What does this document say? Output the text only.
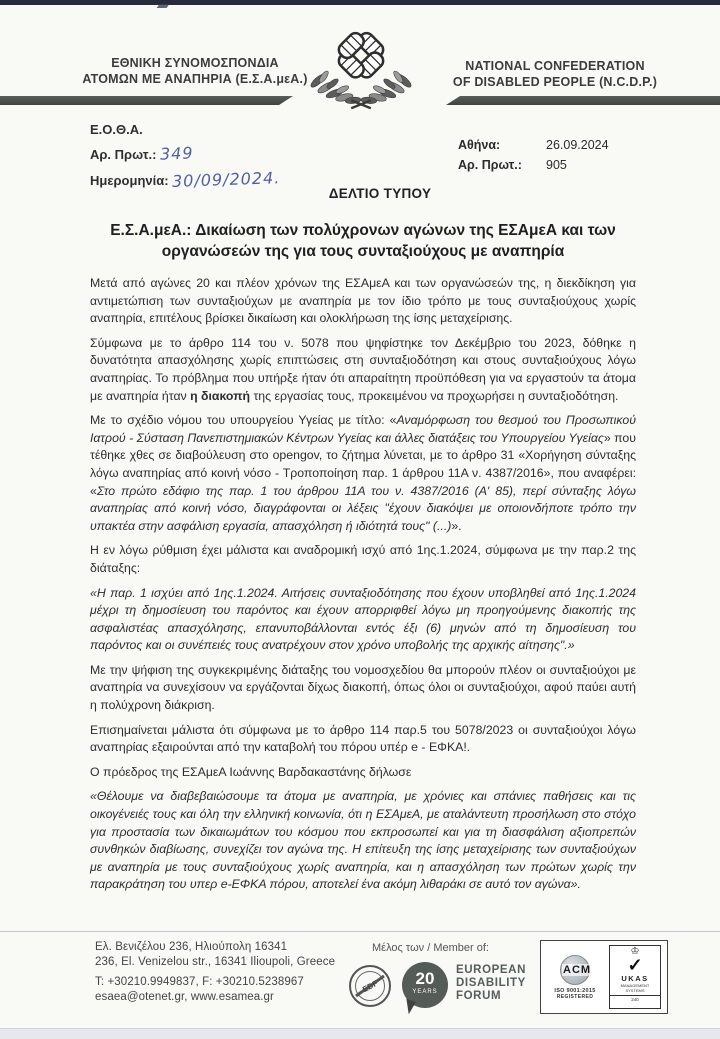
ΕΘΝΙΚΗ ΣΥΝΟΜΟΣΠΟΝΔΙΑ
ΑΤΟΜΩΝ ΜΕ ΑΝΑΠΗΡΙΑ (Ε.Σ.Α.μεΑ.)
NATIONAL CONFEDERATION
OF DISABLED PEOPLE (N.C.D.P.)
Ε.Ο.Θ.Α.
Αρ. Πρωτ.: 349
Ημερομηνία: 30/09/2024.
Αθήνα:	26.09.2024
Αρ. Πρωτ.:	905
ΔΕΛΤΙΟ ΤΥΠΟΥ
Ε.Σ.Α.μεΑ.: Δικαίωση των πολύχρονων αγώνων της ΕΣΑμεΑ και των οργανώσεών της για τους συνταξιούχους με αναπηρία

Μετά από αγώνες 20 και πλέον χρόνων της ΕΣΑμεΑ και των οργανώσεών της, η διεκδίκηση για αντιμετώπιση των συνταξιούχων με αναπηρία με τον ίδιο τρόπο με τους συνταξιούχους χωρίς αναπηρία, επιτέλους βρίσκει δικαίωση και ολοκλήρωση της ίσης μεταχείρισης.

Σύμφωνα με το άρθρο 114 του ν. 5078 που ψηφίστηκε τον Δεκέμβριο του 2023, δόθηκε η δυνατότητα απασχόλησης χωρίς επιπτώσεις στη συνταξιοδότηση και στους συνταξιούχους λόγω αναπηρίας. Το πρόβλημα που υπήρξε ήταν ότι απαραίτητη προϋπόθεση για να εργαστούν τα άτομα με αναπηρία ήταν η διακοπή της εργασίας τους, προκειμένου να προχωρήσει η συνταξιοδότηση.

Με το σχέδιο νόμου του υπουργείου Υγείας με τίτλο: «Αναμόρφωση του θεσμού του Προσωπικού Ιατρού - Σύσταση Πανεπιστημιακών Κέντρων Υγείας και άλλες διατάξεις του Υπουργείου Υγείας» που τέθηκε χθες σε διαβούλευση στο opengov, το ζήτημα λύνεται, με το άρθρο 31 «Χορήγηση σύνταξης λόγω αναπηρίας από κοινή νόσο - Τροποποίηση παρ. 1 άρθρου 11Α ν. 4387/2016», που αναφέρει: «Στο πρώτο εδάφιο της παρ. 1 του άρθρου 11Α του ν. 4387/2016 (Α' 85), περί σύνταξης λόγω αναπηρίας από κοινή νόσο, διαγράφονται οι λέξεις "έχουν διακόψει με οποιονδήποτε τρόπο την υπακτέα στην ασφάλιση εργασία, απασχόληση ή ιδιότητά τους" (...)».

Η εν λόγω ρύθμιση έχει μάλιστα και αναδρομική ισχύ από 1ης.1.2024, σύμφωνα με την παρ.2 της διάταξης:

«Η παρ. 1 ισχύει από 1ης.1.2024. Αιτήσεις συνταξιοδότησης που έχουν υποβληθεί από 1ης.1.2024 μέχρι τη δημοσίευση του παρόντος και έχουν απορριφθεί λόγω μη προηγούμενης διακοπής της ασφαλιστέας απασχόλησης, επανυποβάλλονται εντός έξι (6) μηνών από τη δημοσίευση του παρόντος και οι συνέπειές τους ανατρέχουν στον χρόνο υποβολής της αρχικής αίτησης".»

Με την ψήφιση της συγκεκριμένης διάταξης του νομοσχεδίου θα μπορούν πλέον οι συνταξιούχοι με αναπηρία να συνεχίσουν να εργάζονται δίχως διακοπή, όπως όλοι οι συνταξιούχοι, αφού παύει αυτή η πολύχρονη διάκριση.

Επισημαίνεται μάλιστα ότι σύμφωνα με το άρθρο 114 παρ.5 του 5078/2023 οι συνταξιούχοι λόγω αναπηρίας εξαιρούνται από την καταβολή του πόρου υπέρ e - ΕΦΚΑ!.

Ο πρόεδρος της ΕΣΑμεΑ Ιωάννης Βαρδακαστάνης δήλωσε

«Θέλουμε να διαβεβαιώσουμε τα άτομα με αναπηρία, με χρόνιες και σπάνιες παθήσεις και τις οικογένειές τους και όλη την ελληνική κοινωνία, ότι η ΕΣΑμεΑ, με αταλάντευτη προσήλωση στο στόχο για προστασία των δικαιωμάτων του κόσμου που εκπροσωπεί και για τη διασφάλιση αξιοπρεπών συνθηκών διαβίωσης, συνεχίζει τον αγώνα της. Η επίτευξη της ίσης μεταχείρισης των συνταξιούχων με αναπηρία με τους συνταξιούχους χωρίς αναπηρία, και η απασχόληση των πρώτων χωρίς την παρακράτηση του υπερ e-ΕΦΚΑ πόρου, αποτελεί ένα ακόμη λιθαράκι σε αυτό τον αγώνα».

Ελ. Βενιζέλου 236, Ηλιούπολη 16341
236, El. Venizelou str., 16341 Ilioupoli, Greece
T: +30210.9949837, F: +30210.5238967
esaea@otenet.gr, www.esamea.gr
Μέλος των / Member of:
EDF	20
YEARS
EUROPEAN
DISABILITY
FORUM
ACM
ISO 9001:2015
REGISTERED
♔
✓
UKAS
MANAGEMENT
SYSTEMS
240
